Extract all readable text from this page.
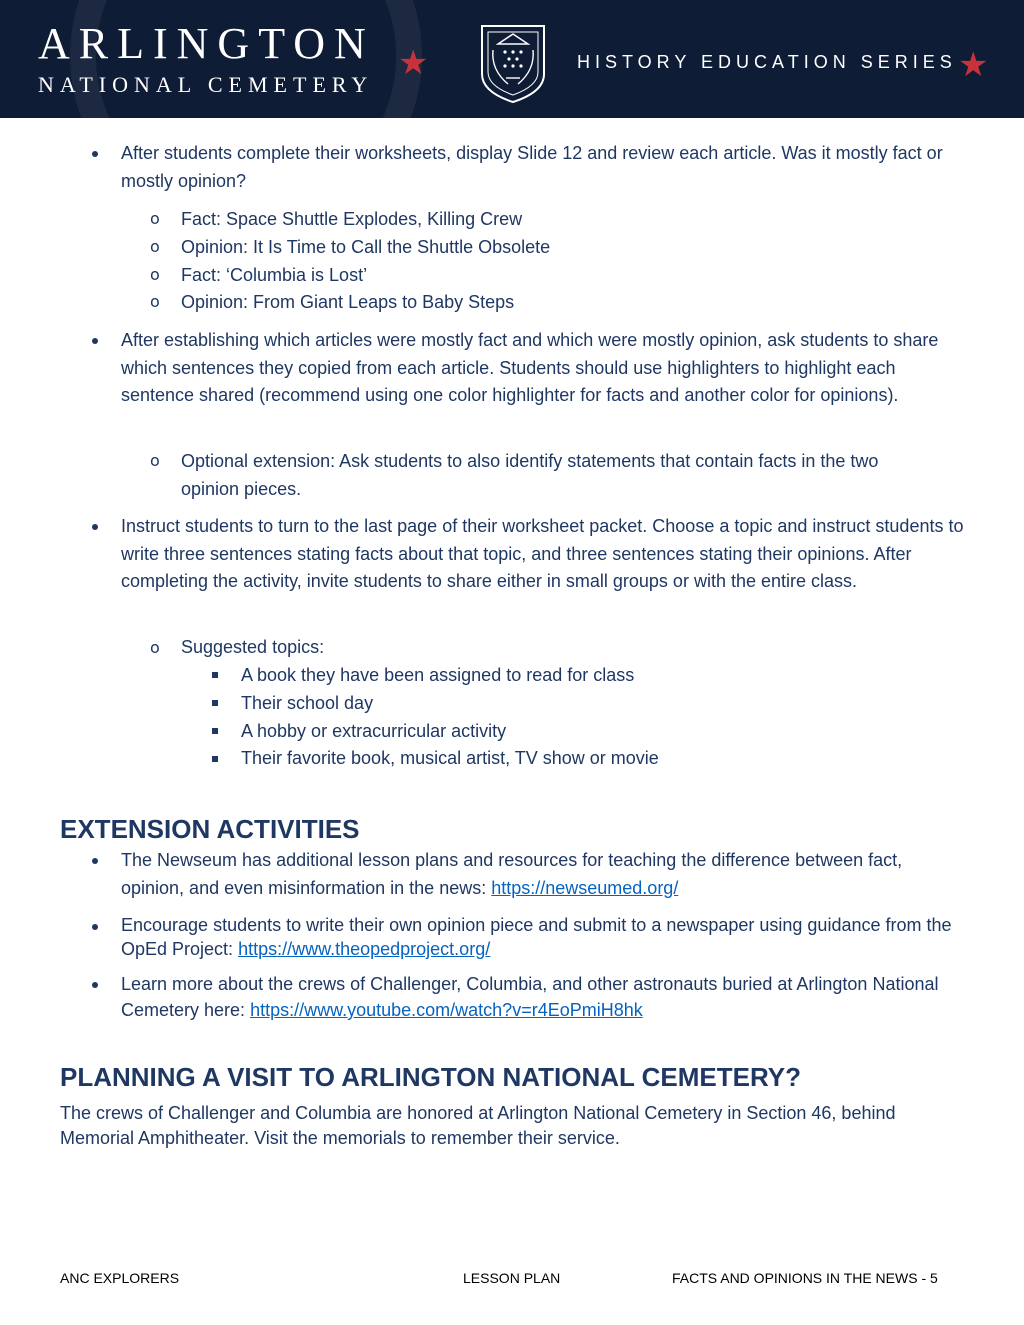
ARLINGTON
NATIONAL CEMETERY
★	HISTORY EDUCATION SERIES ★
After students complete their worksheets, display Slide 12 and review each article. Was it mostly fact or mostly opinion?
o Fact: Space Shuttle Explodes, Killing Crew
o Opinion: It Is Time to Call the Shuttle Obsolete
o Fact: ‘Columbia is Lost’
o Opinion: From Giant Leaps to Baby Steps
After establishing which articles were mostly fact and which were mostly opinion, ask students to share which sentences they copied from each article. Students should use highlighters to highlight each sentence shared (recommend using one color highlighter for facts and another color for opinions).
o Optional extension: Ask students to also identify statements that contain facts in the two opinion pieces.
Instruct students to turn to the last page of their worksheet packet. Choose a topic and instruct students to write three sentences stating facts about that topic, and three sentences stating their opinions. After completing the activity, invite students to share either in small groups or with the entire class.
o Suggested topics:
A book they have been assigned to read for class
Their school day
A hobby or extracurricular activity
Their favorite book, musical artist, TV show or movie
EXTENSION ACTIVITIES
The Newseum has additional lesson plans and resources for teaching the difference between fact, opinion, and even misinformation in the news: https://newseumed.org/
Encourage students to write their own opinion piece and submit to a newspaper using guidance from the OpEd Project: https://www.theopedproject.org/
Learn more about the crews of Challenger, Columbia, and other astronauts buried at Arlington National Cemetery here: https://www.youtube.com/watch?v=r4EoPmiH8hk
PLANNING A VISIT TO ARLINGTON NATIONAL CEMETERY?
The crews of Challenger and Columbia are honored at Arlington National Cemetery in Section 46, behind Memorial Amphitheater. Visit the memorials to remember their service.
ANC EXPLORERS	LESSON PLAN	FACTS AND OPINIONS IN THE NEWS - 5
